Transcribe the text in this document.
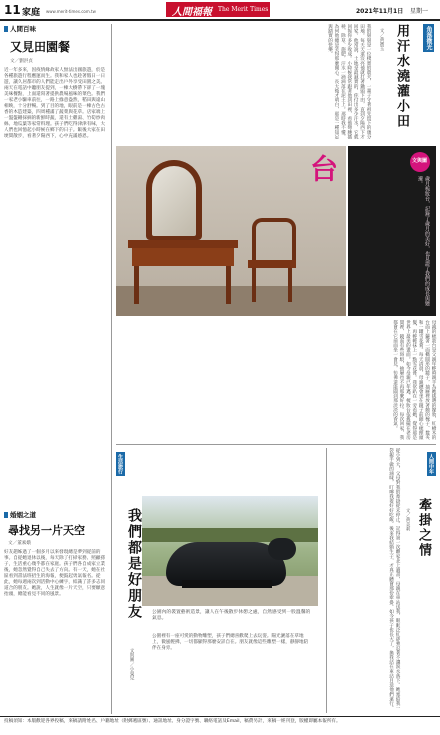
11 家庭 www.merit-times.com.tw	人間福報 The Merit Times	2021年11月1日 星期一
人間百味
又見田園餐
文／劉洪貞
近一年多來，因疫情緣故家人無法出國旅遊，於是各種旅遊行程應運而生。我和家人也趁著假日一日遊，讓久居都市的人們能走出戶外享受田園之美。兩天在電話中聽朋友提到，一棟大樹帶下卻了一塊美味餐點，上面還寫著提供農場風味的菜色。我們一家老小驅車前往，一路上綠意盎然，稻田與遠山相映，十分舒暢。到了目的地，眼前是一棟古色古香的木造建築，四周種滿了蔬菜與花草。店家端上一盤盤剛採摘的新鮮時蔬，還有土雞湯、竹筍炒肉絲、地瓜葉等家常料理。孩子們吃得津津有味，大人們也回憶起小時候在鄉下的日子。飯後大家在田埂間散步，看著夕陽西下，心中充滿感恩。
婚姻之道
尋找另一片天空
文／董素娥
好友趙姊過了一個多月以來發現總是夢到從前的事。自從她退休以後，每天除了打掃家務、照顧孫子，生活重心幾乎都在家庭。孩子們各自成家立業後，她忽然覺得自己失去了方向。有一天，她在社區看到書法班招生的海報，便鼓起勇氣報名。從此，她每週兩次到活動中心練字，結識了許多志同道合的朋友。她說，人生就像一片天空，只要願意抬頭，總能看見不同的風景。
角落微光
用汗水澆灌小田
文／黃寶玉
我的舅舅是一位樸實的農夫，一輩子守著祖先留下的幾分田地。每天天還沒亮他就扛著鋤頭下田，直到夕陽西下才回家。他常說，土地是最誠實的，你付出多少汗水，它就回報你多少收成。小時候我常跟著他到田裡，看他彎腰插秧、除草、施肥，汗水一滴滴落在泥土上。那時我不懂，為何他總是笑得那麼開心。長大後才明白，那是一種知足與踏實的快樂。
台	文與圖
歲月梳妝台，記錄了歲月的美好，也見證了我們的成長與變遷。
母親的梳妝台是父親年輕時親手為她挑選的嫁妝，紅檜木的台面上鑲著一面橢圓形的鏡子，抽屜裡放著她的梳子、髮夾和一罐雪花膏。每天清晨，母親總會坐在鏡子前細心梳理頭髮，再輕輕抹上一點雪花膏。我常趴在一旁看她，覺得那是世界上最美的畫面。如今母親已年邁，梳妝台依舊擺在老房間裡，鏡面有些斑駁，抽屜也不再那麼好拉。每次回家，我都會在它前面坐一會兒，彷彿還能聞到那淡淡的香氣。
生活旅行
我們都是好朋友
文與圖／小曼兒
公園內的裝置藝術造景，讓人在午後散步休憩之處，自然感受到一股溫馨的氣息。
公園裡有一座可愛的動物雕塑，孩子們總喜歡爬上去玩耍。陽光灑落在草地上，微風輕拂，一切都顯得那麼安詳自在。朋友就像這些雕塑一樣，靜靜地陪伴在身旁。
人間中年
牽掛之情
文／黃美莉
從小到大，父母對我的牽掛從未停止。記得第一次離家北上讀書，母親在車站送我，眼眶泛紅卻強忍著不讓淚水落下。她塞給我一袋親手做的滷味，叮嚀我要好好吃飯。後來我結婚生子，才真正體會那份牽掛。如今孩子也長大了，換我站在車站目送他們遠行。
投稿須知：本版歡迎各界投稿，來稿請附姓名、戶籍地址（附郵遞區號）、通訊地址、身分證字號、聯絡電話及Email，稿費另計，來稿一經刊登，版權即屬本報所有。
